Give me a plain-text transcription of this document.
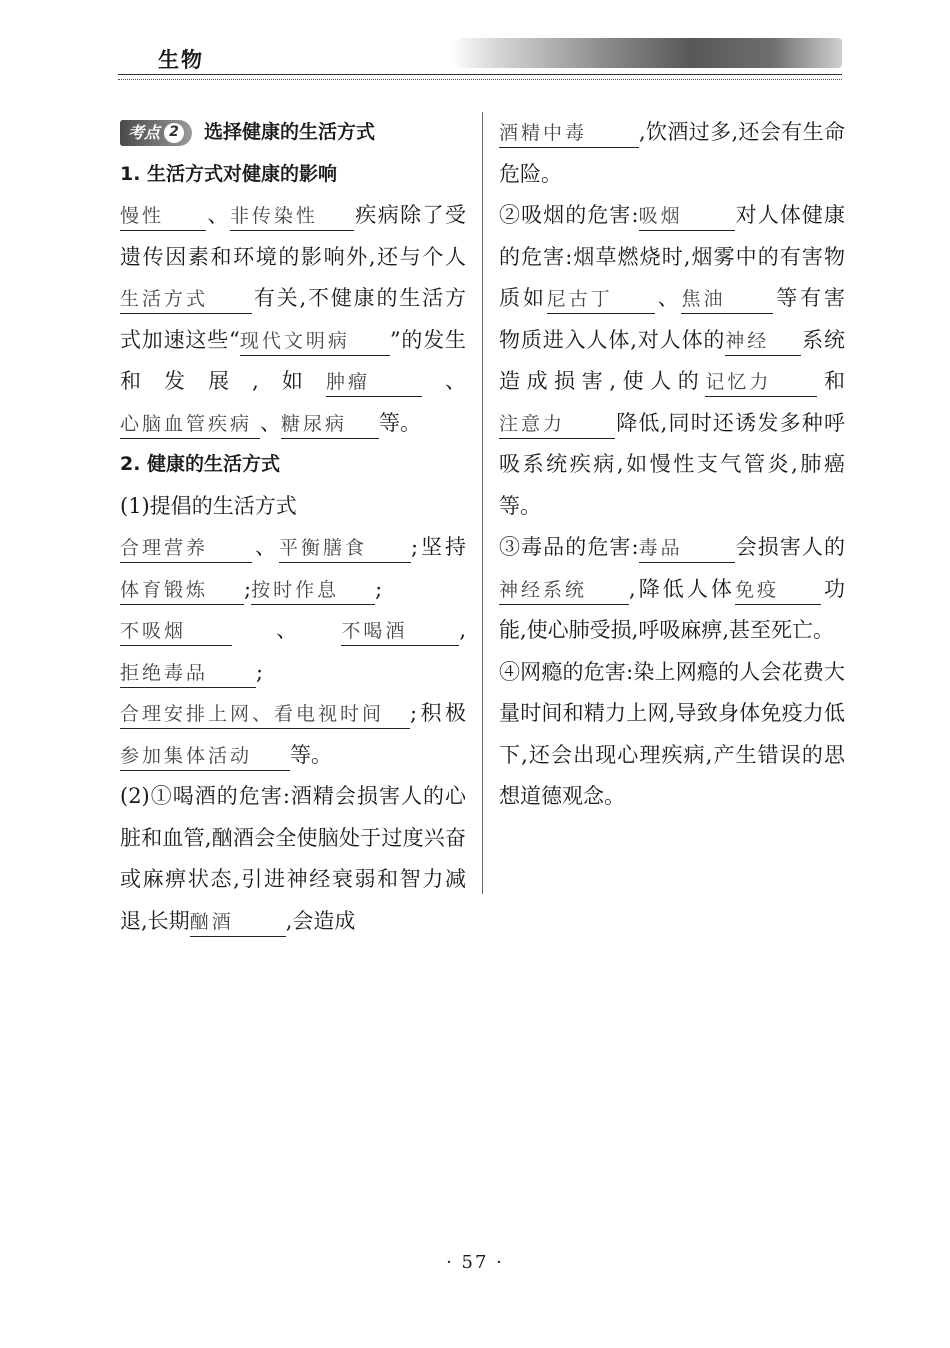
生物
考点 2 选择健康的生活方式

1. 生活方式对健康的影响

慢性 、非传染性 疾病除了受遗传因素和环境的影响外,还与个人生活方式 有关,不健康的生活方式加速这些“现代文明病 ”的发生和发展,如肿瘤 、心脑血管疾病 、糖尿病 等。

2. 健康的生活方式

(1)提倡的生活方式

合理营养 、平衡膳食 ;坚持体育锻炼 ;按时作息 ;不吸烟 、不喝酒 ,拒绝毒品 ;合理安排上网、看电视时间 ;积极参加集体活动 等。

(2)①喝酒的危害:酒精会损害人的心脏和血管,酗酒会全使脑处于过度兴奋或麻痹状态,引进神经衰弱和智力减退,长期酗酒 ,会造成

酒精中毒 ,饮酒过多,还会有生命危险。

②吸烟的危害:吸烟 对人体健康的危害:烟草燃烧时,烟雾中的有害物质如尼古丁 、焦油 等有害物质进入人体,对人体的神经 系统造成损害,使人的记忆力 和注意力 降低,同时还诱发多种呼吸系统疾病,如慢性支气管炎,肺癌等。

③毒品的危害:毒品 会损害人的神经系统 ,降低人体免疫 功能,使心肺受损,呼吸麻痹,甚至死亡。

④网瘾的危害:染上网瘾的人会花费大量时间和精力上网,导致身体免疫力低下,还会出现心理疾病,产生错误的思想道德观念。

· 57 ·
